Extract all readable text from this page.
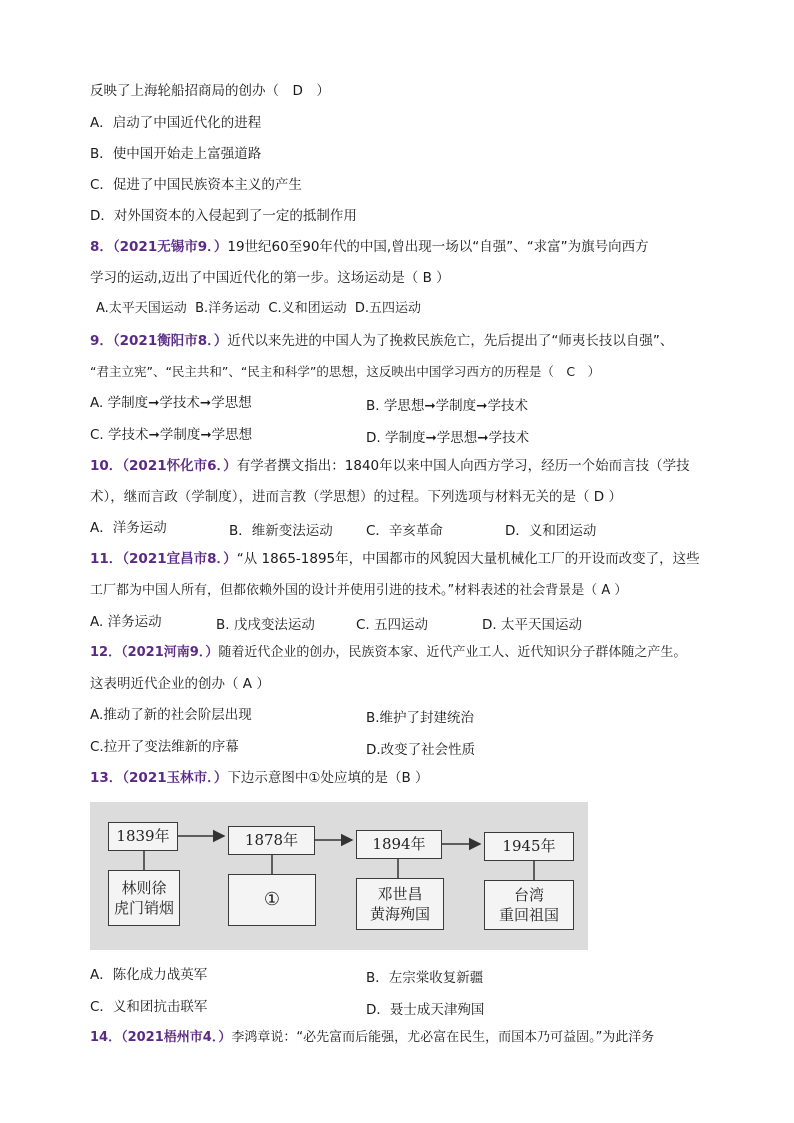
反映了上海轮船招商局的创办（　D　）
A．启动了中国近代化的进程
B．使中国开始走上富强道路
C．促进了中国民族资本主义的产生
D．对外国资本的入侵起到了一定的抵制作用
8．（2021无锡市9．）19世纪60至90年代的中国,曾出现一场以“自强”、“求富”为旗号向西方
学习的运动,迈出了中国近代化的第一步。这场运动是（ B ）
A.太平天国运动 B.洋务运动 C.义和团运动 D.五四运动
9．（2021衡阳市8．）近代以来先进的中国人为了挽救民族危亡，先后提出了“师夷长技以自强”、
“君主立宪”、“民主共和”、“民主和科学”的思想，这反映出中国学习西方的历程是（　C　）
A. 学制度➞学技术➞学思想	B. 学思想➞学制度➞学技术
C. 学技术➞学制度➞学思想	D. 学制度➞学思想➞学技术
10．（2021怀化市6．）有学者撰文指出：1840年以来中国人向西方学习，经历一个始而言技（学技
术），继而言政（学制度），进而言教（学思想）的过程。下列选项与材料无关的是（ D ）
A．洋务运动	B．维新变法运动 C．辛亥革命	D．义和团运动
11．（2021宜昌市8．）“从 1865-1895年，中国都市的风貌因大量机械化工厂的开设而改变了，这些
工厂都为中国人所有，但都依赖外国的设计并使用引进的技术。”材料表述的社会背景是（ A ）
A. 洋务运动	B. 戊戌变法运动	C. 五四运动	D. 太平天国运动
12．（2021河南9．）随着近代企业的创办，民族资本家、近代产业工人、近代知识分子群体随之产生。
这表明近代企业的创办（ A ）
A.推动了新的社会阶层出现	B.维护了封建统治
C.拉开了变法维新的序幕	D.改变了社会性质
13．（2021玉林市．）下边示意图中①处应填的是（B ）
1839年	1878年	1894年	1945年
林则徐
虎门销烟	①	邓世昌
黄海殉国
台湾
重回祖国
A．陈化成力战英军	B．左宗棠收复新疆
C．义和团抗击联军	D．聂士成天津殉国
14．（2021梧州市4．）李鸿章说：“必先富而后能强，尤必富在民生，而国本乃可益固。”为此洋务
